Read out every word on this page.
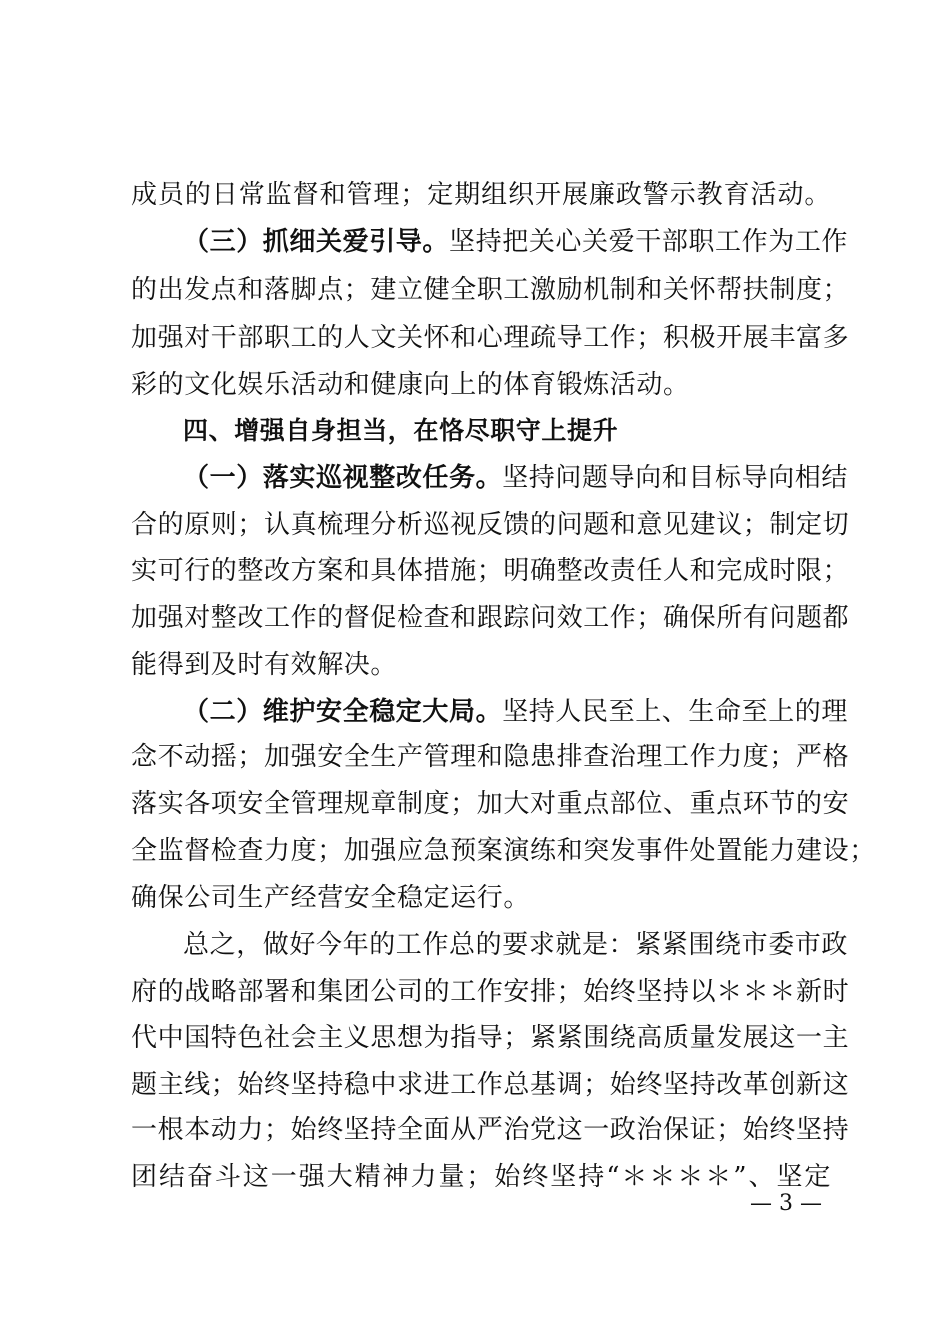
成员的日常监督和管理；定期组织开展廉政警示教育活动。
（三）抓细关爱引导。坚持把关心关爱干部职工作为工作
的出发点和落脚点；建立健全职工激励机制和关怀帮扶制度；
加强对干部职工的人文关怀和心理疏导工作；积极开展丰富多
彩的文化娱乐活动和健康向上的体育锻炼活动。
四、增强自身担当，在恪尽职守上提升
（一）落实巡视整改任务。坚持问题导向和目标导向相结
合的原则；认真梳理分析巡视反馈的问题和意见建议；制定切
实可行的整改方案和具体措施；明确整改责任人和完成时限；
加强对整改工作的督促检查和跟踪问效工作；确保所有问题都
能得到及时有效解决。
（二）维护安全稳定大局。坚持人民至上、生命至上的理
念不动摇；加强安全生产管理和隐患排查治理工作力度；严格
落实各项安全管理规章制度；加大对重点部位、重点环节的安
全监督检查力度；加强应急预案演练和突发事件处置能力建设；
确保公司生产经营安全稳定运行。
总之，做好今年的工作总的要求就是：紧紧围绕市委市政
府的战略部署和集团公司的工作安排；始终坚持以＊＊＊新时
代中国特色社会主义思想为指导；紧紧围绕高质量发展这一主
题主线；始终坚持稳中求进工作总基调；始终坚持改革创新这
一根本动力；始终坚持全面从严治党这一政治保证；始终坚持
团结奋斗这一强大精神力量；始终坚持“＊＊＊＊”、坚定
— 3 —
